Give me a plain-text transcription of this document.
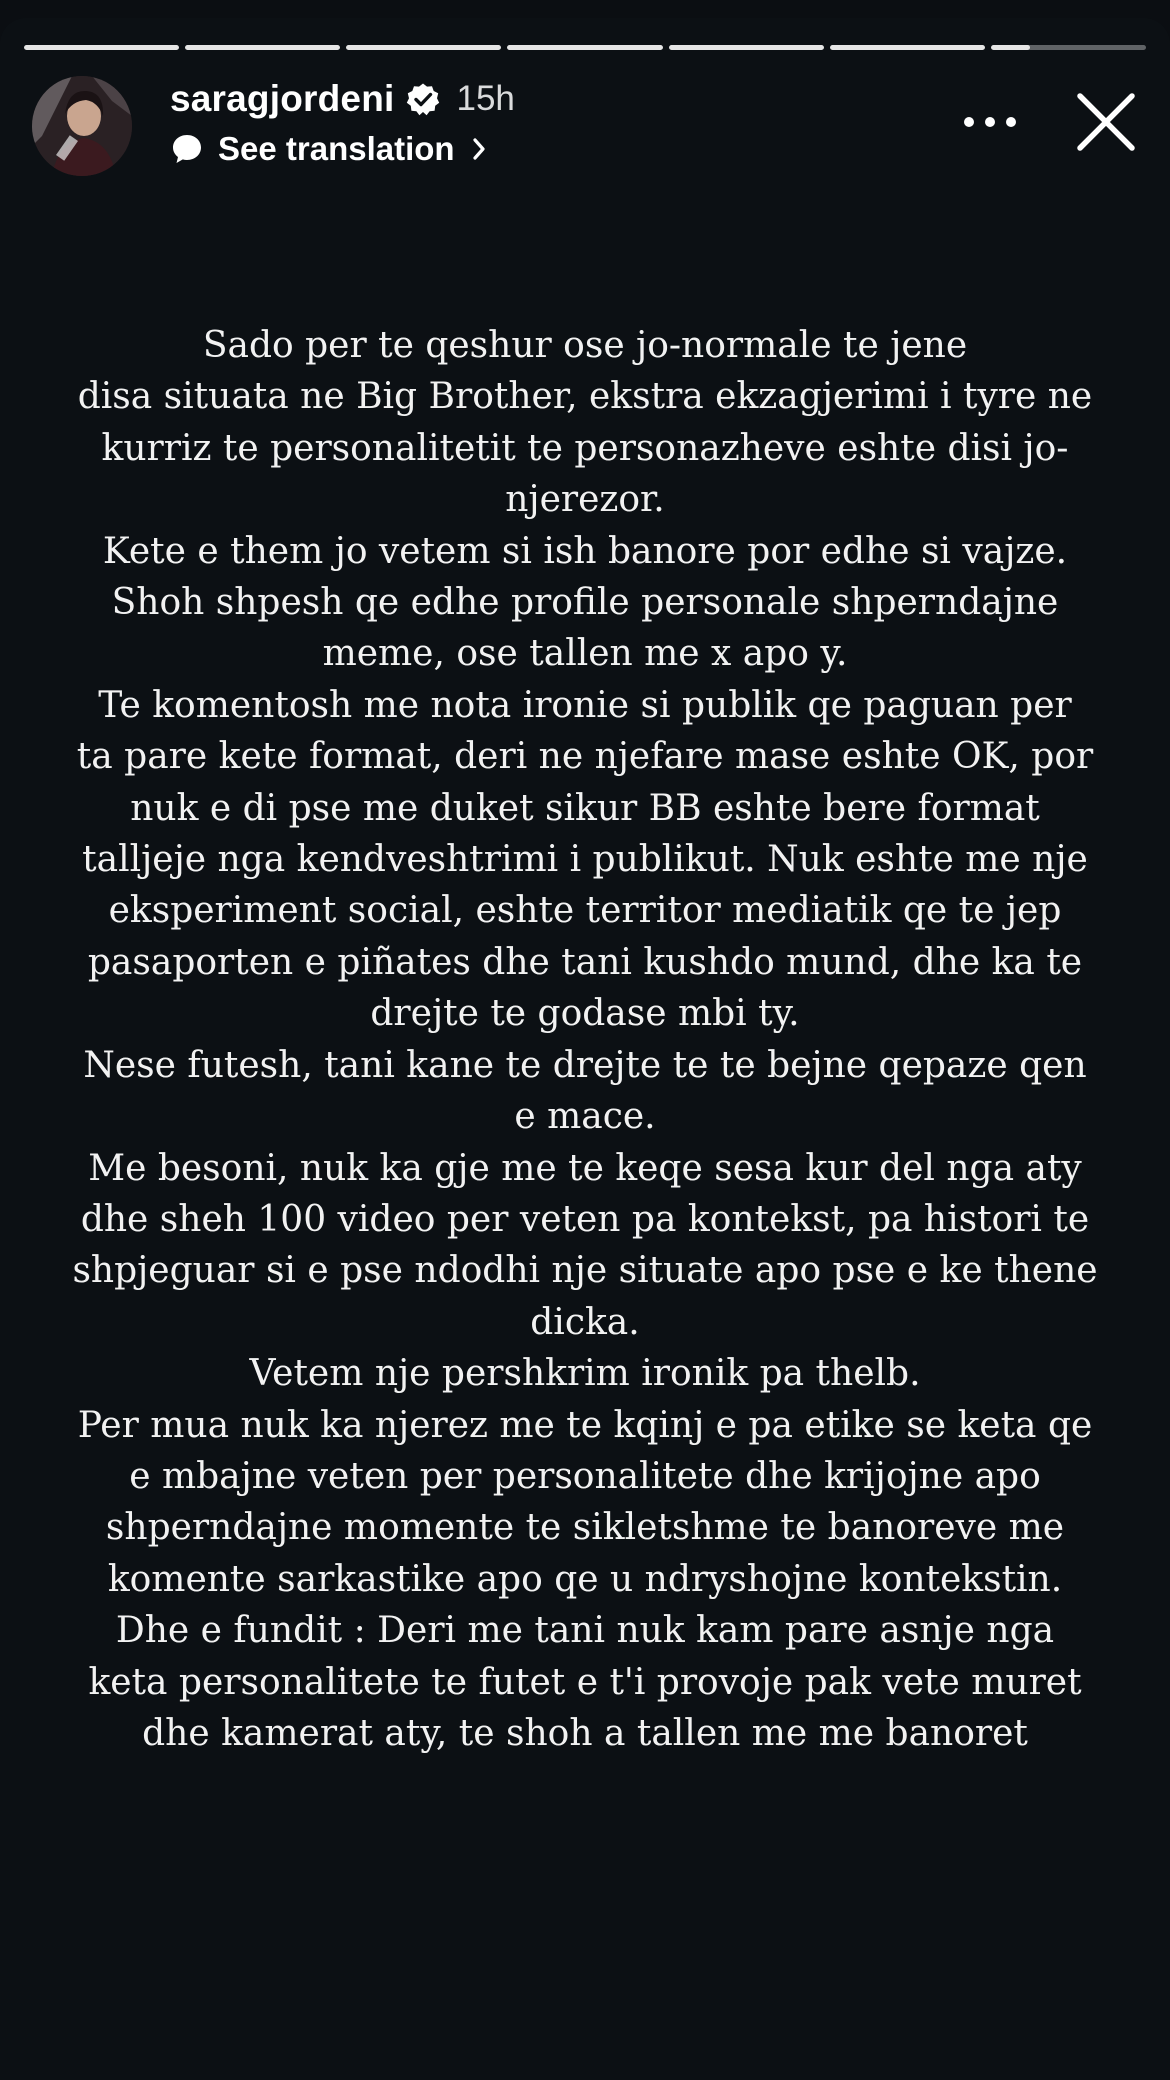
saragjordeni 15h
See translation
Sado per te qeshur ose jo-normale te jene
disa situata ne Big Brother, ekstra ekzagjerimi i tyre ne
kurriz te personalitetit te personazheve eshte disi jo-
njerezor.
Kete e them jo vetem si ish banore por edhe si vajze.
Shoh shpesh qe edhe profile personale shperndajne
meme, ose tallen me x apo y.
Te komentosh me nota ironie si publik qe paguan per
ta pare kete format, deri ne njefare mase eshte OK, por
nuk e di pse me duket sikur BB eshte bere format
talljeje nga kendveshtrimi i publikut. Nuk eshte me nje
eksperiment social, eshte territor mediatik qe te jep
pasaporten e piñates dhe tani kushdo mund, dhe ka te
drejte te godase mbi ty.
Nese futesh, tani kane te drejte te te bejne qepaze qen
e mace.
Me besoni, nuk ka gje me te keqe sesa kur del nga aty
dhe sheh 100 video per veten pa kontekst, pa histori te
shpjeguar si e pse ndodhi nje situate apo pse e ke thene
dicka.
Vetem nje pershkrim ironik pa thelb.
Per mua nuk ka njerez me te kqinj e pa etike se keta qe
e mbajne veten per personalitete dhe krijojne apo
shperndajne momente te sikletshme te banoreve me
komente sarkastike apo qe u ndryshojne kontekstin.
Dhe e fundit : Deri me tani nuk kam pare asnje nga
keta personalitete te futet e t'i provoje pak vete muret
dhe kamerat aty, te shoh a tallen me me banoret
